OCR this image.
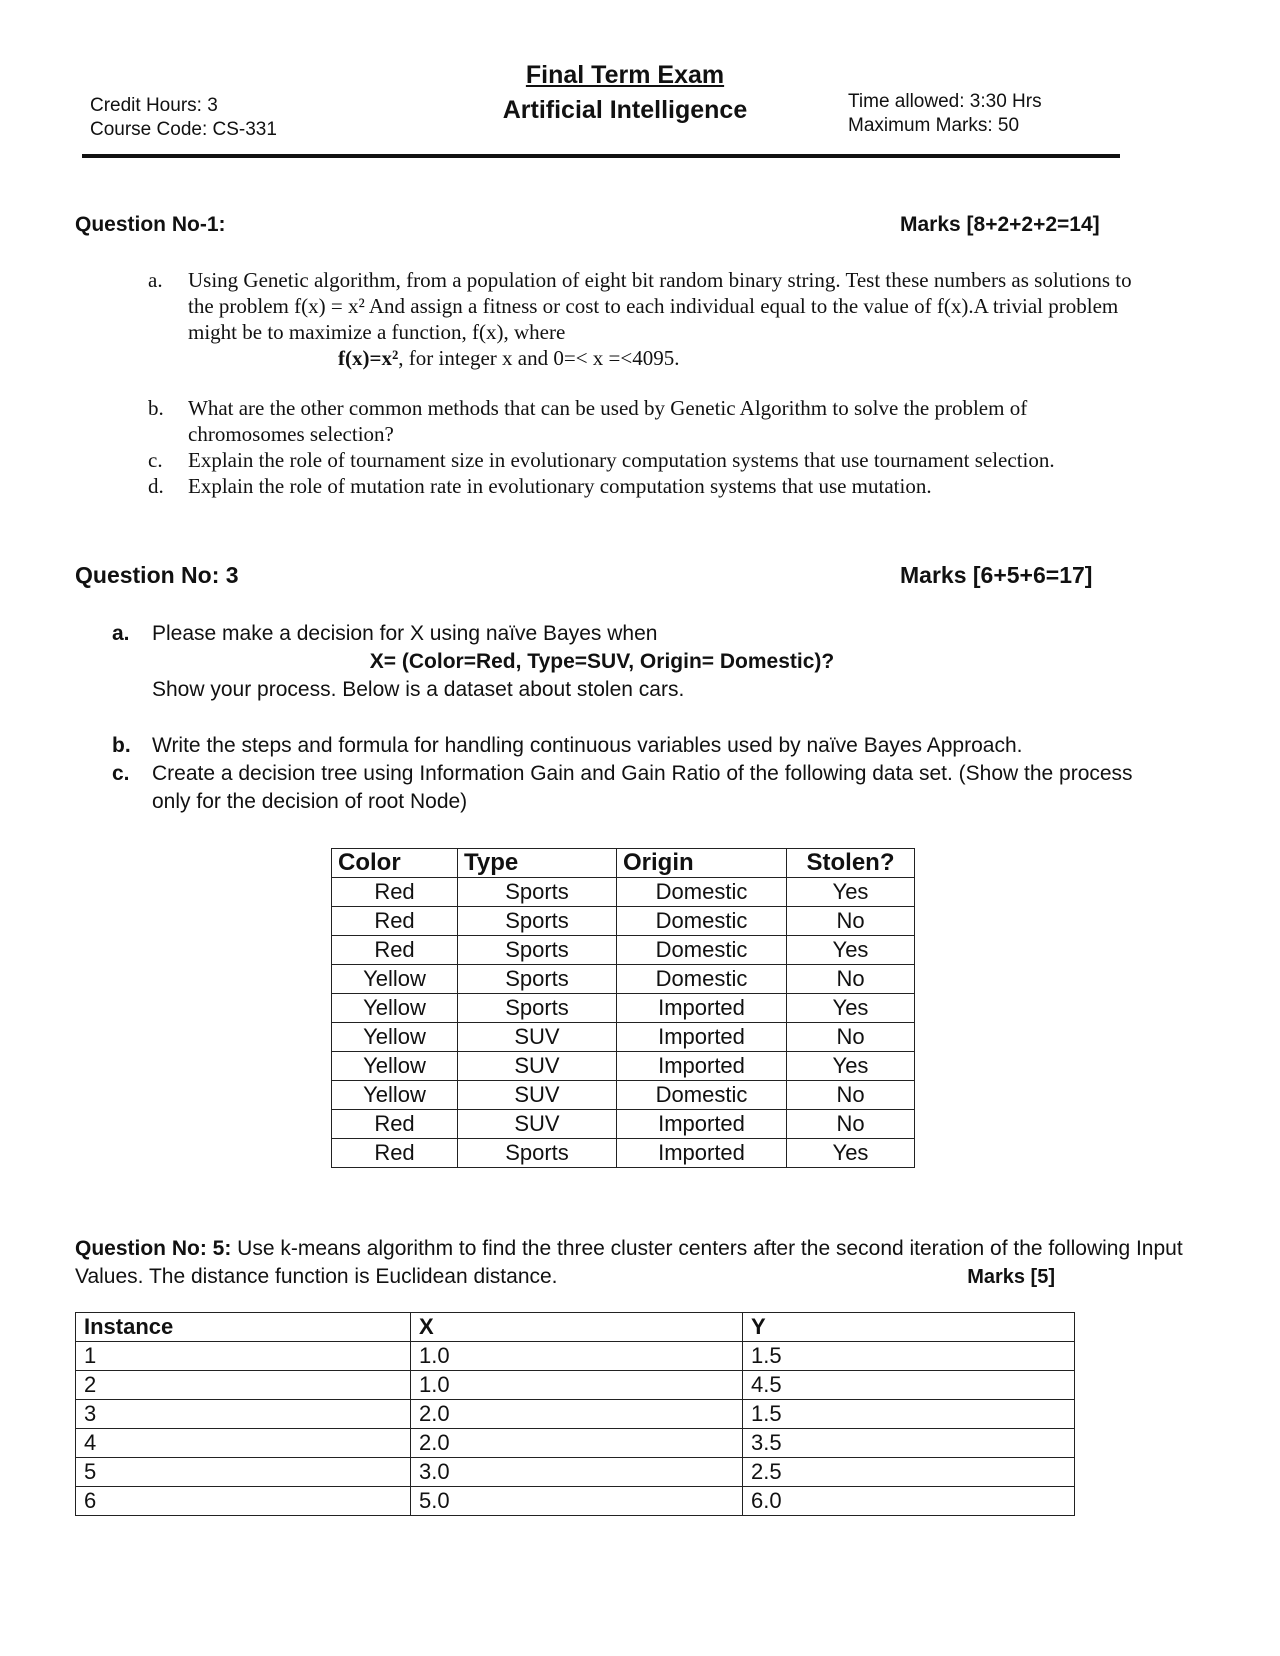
Credit Hours: 3
Course Code: CS-331
Final Term Exam
Artificial Intelligence	Time allowed: 3:30 Hrs
Maximum Marks: 50
Question No-1:	Marks [8+2+2+2=14]
a. Using Genetic algorithm, from a population of eight bit random binary string. Test these numbers as solutions to the problem f(x) = x² And assign a fitness or cost to each individual equal to the value of f(x).A trivial problem might be to maximize a function, f(x), where
f(x)=x², for integer x and 0=< x =<4095.
b. What are the other common methods that can be used by Genetic Algorithm to solve the problem of chromosomes selection?
c. Explain the role of tournament size in evolutionary computation systems that use tournament selection.
d. Explain the role of mutation rate in evolutionary computation systems that use mutation.
Question No: 3	Marks [6+5+6=17]
a. Please make a decision for X using naïve Bayes when
X= (Color=Red, Type=SUV, Origin= Domestic)?
Show your process. Below is a dataset about stolen cars.
b. Write the steps and formula for handling continuous variables used by naïve Bayes Approach.
c. Create a decision tree using Information Gain and Gain Ratio of the following data set. (Show the process only for the decision of root Node)
Color	Type	Origin	Stolen?
Red	Sports	Domestic	Yes
Red	Sports	Domestic	No
Red	Sports	Domestic	Yes
Yellow	Sports	Domestic	No
Yellow	Sports	Imported	Yes
Yellow	SUV	Imported	No
Yellow	SUV	Imported	Yes
Yellow	SUV	Domestic	No
Red	SUV	Imported	No
Red	Sports	Imported	Yes
Question No: 5: Use k-means algorithm to find the three cluster centers after the second iteration of the following Input Values. The distance function is Euclidean distance.	Marks [5]
Instance	X	Y
1	1.0	1.5
2	1.0	4.5
3	2.0	1.5
4	2.0	3.5
5	3.0	2.5
6	5.0	6.0
